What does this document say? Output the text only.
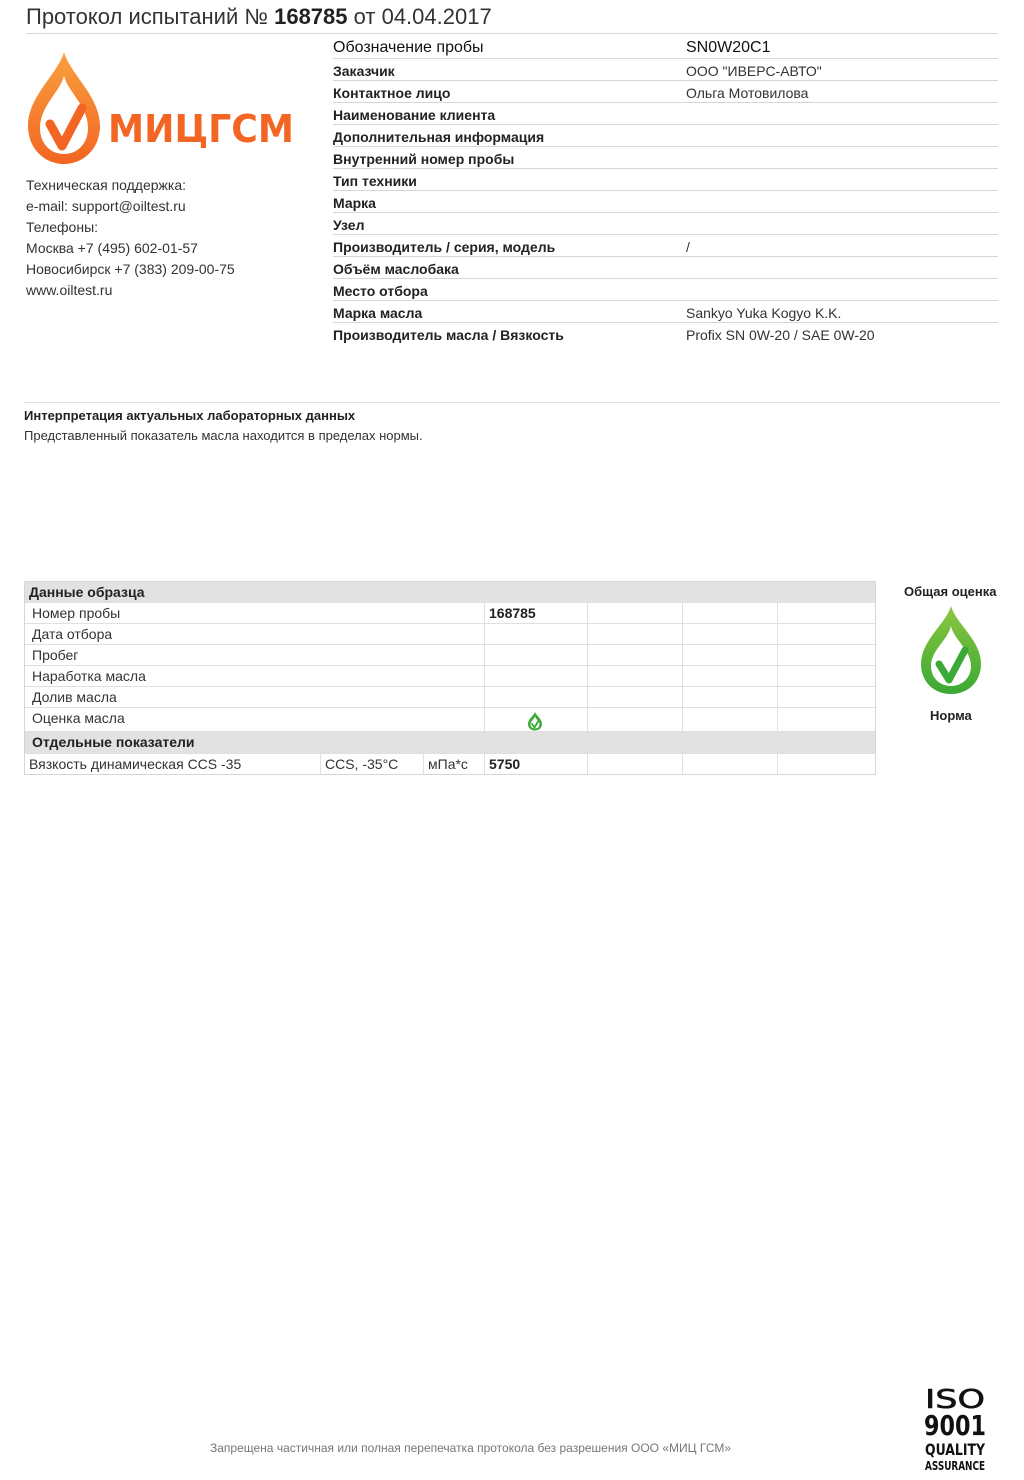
Протокол испытаний № 168785 от 04.04.2017
МИЦГСМ
Техническая поддержка:
e-mail: support@oiltest.ru
Телефоны:
Москва +7 (495) 602-01-57
Новосибирск +7 (383) 209-00-75
www.oiltest.ru
Обозначение пробы	SN0W20C1
Заказчик	ООО "ИВЕРС-АВТО"
Контактное лицо	Ольга Мотовилова
Наименование клиента
Дополнительная информация
Внутренний номер пробы
Тип техники
Марка
Узел
Производитель / серия, модель	/
Объём маслобака
Место отбора
Марка масла	Sankyo Yuka Kogyo K.K.
Производитель масла / Вязкость	Profix SN 0W-20 / SAE 0W-20
Интерпретация актуальных лабораторных данных
Представленный показатель масла находится в пределах нормы.
Данные образца
Номер пробы	168785
Дата отбора
Пробег
Наработка масла
Долив масла
Оценка масла
Отдельные показатели
Вязкость динамическая CCS -35	CCS, -35°C	мПа*с	5750
Общая оценка
Норма
Запрещена частичная или полная перепечатка протокола без разрешения ООО «МИЦ ГСМ»
ISO
9001
QUALITY
ASSURANCE
